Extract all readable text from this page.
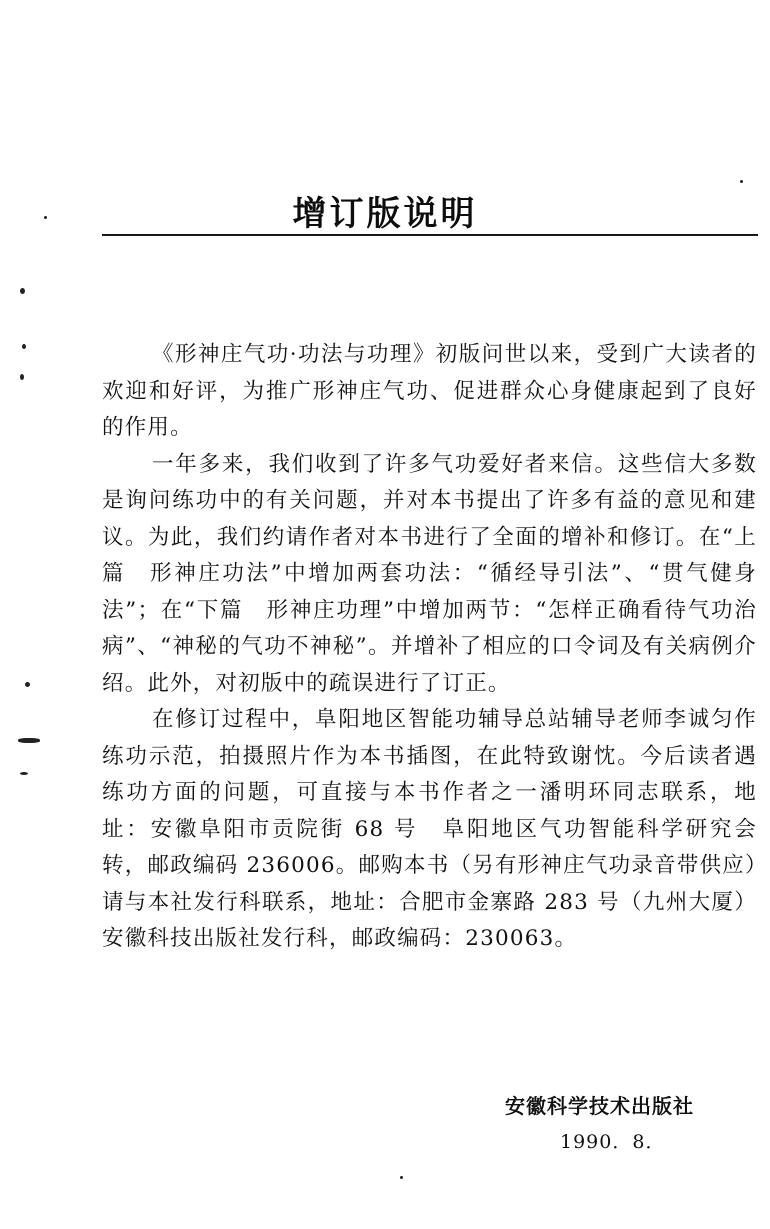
增订版说明

《形神庄气功·功法与功理》初版问世以来，受到广大读者的欢迎和好评，为推广形神庄气功、促进群众心身健康起到了良好的作用。

一年多来，我们收到了许多气功爱好者来信。这些信大多数是询问练功中的有关问题，并对本书提出了许多有益的意见和建议。为此，我们约请作者对本书进行了全面的增补和修订。在“上篇　形神庄功法”中增加两套功法：“循经导引法”、“贯气健身法”；在“下篇　形神庄功理”中增加两节：“怎样正确看待气功治病”、“神秘的气功不神秘”。并增补了相应的口令词及有关病例介绍。此外，对初版中的疏误进行了订正。

在修订过程中，阜阳地区智能功辅导总站辅导老师李诚匀作练功示范，拍摄照片作为本书插图，在此特致谢忱。今后读者遇练功方面的问题，可直接与本书作者之一潘明环同志联系，地址：安徽阜阳市贡院街 68 号　阜阳地区气功智能科学研究会转，邮政编码 236006。邮购本书（另有形神庄气功录音带供应）请与本社发行科联系，地址：合肥市金寨路 283 号（九州大厦）安徽科技出版社发行科，邮政编码：230063。

安徽科学技术出版社
1990．8．
